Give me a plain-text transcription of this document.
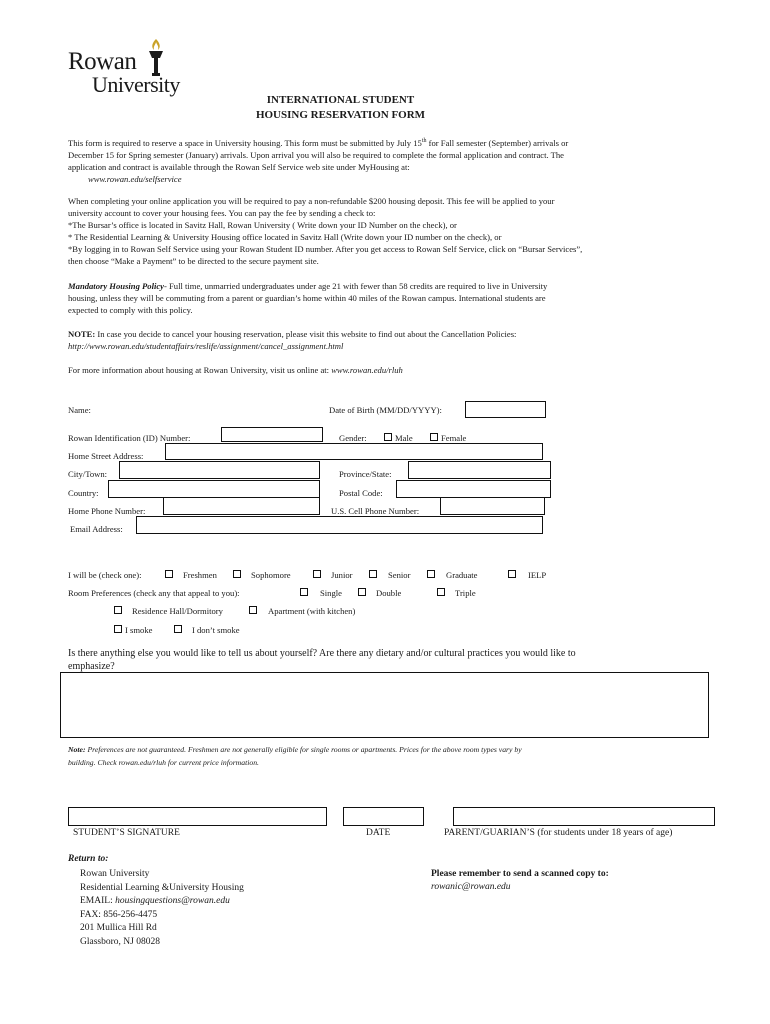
Rowan
University
INTERNATIONAL STUDENT
HOUSING RESERVATION FORM
This form is required to reserve a space in University housing. This form must be submitted by July 15th for Fall semester (September) arrivals or
December 15 for Spring semester (January) arrivals. Upon arrival you will also be required to complete the formal application and contract. The
application and contract is available through the Rowan Self Service web site under MyHousing at:
www.rowan.edu/selfservice
When completing your online application you will be required to pay a non-refundable $200 housing deposit. This fee will be applied to your
university account to cover your housing fees. You can pay the fee by sending a check to:
*The Bursar’s office is located in Savitz Hall, Rowan University ( Write down your ID Number on the check), or
* The Residential Learning & University Housing office located in Savitz Hall (Write down your ID number on the check), or
*By logging in to Rowan Self Service using your Rowan Student ID number. After you get access to Rowan Self Service, click on “Bursar Services”,
then choose “Make a Payment” to be directed to the secure payment site.
Mandatory Housing Policy- Full time, unmarried undergraduates under age 21 with fewer than 58 credits are required to live in University
housing, unless they will be commuting from a parent or guardian’s home within 40 miles of the Rowan campus. International students are
expected to comply with this policy.
NOTE: In case you decide to cancel your housing reservation, please visit this website to find out about the Cancellation Policies:
http://www.rowan.edu/studentaffairs/reslife/assignment/cancel_assignment.html
For more information about housing at Rowan University, visit us online at: www.rowan.edu/rluh
Name:	Date of Birth (MM/DD/YYYY):
Rowan Identification (ID) Number:	Gender:	Male	Female
Home Street Address:
City/Town:	Province/State:
Country:	Postal Code:
Home Phone Number:	U.S. Cell Phone Number:
Email Address:
I will be (check one):	Freshmen	Sophomore	Junior	Senior	Graduate	IELP
Room Preferences (check any that appeal to you):	Single	Double	Triple
Residence Hall/Dormitory	Apartment (with kitchen)
I smoke	I don’t smoke
Is there anything else you would like to tell us about yourself? Are there any dietary and/or cultural practices you would like to
emphasize?
Note: Preferences are not guaranteed. Freshmen are not generally eligible for single rooms or apartments. Prices for the above room types vary by
building. Check rowan.edu/rluh for current price information.
STUDENT’S SIGNATURE	DATE	PARENT/GUARIAN’S (for students under 18 years of age)
Return to:
Rowan University
Residential Learning &University Housing
EMAIL: housingquestions@rowan.edu
FAX: 856-256-4475
201 Mullica Hill Rd
Glassboro, NJ 08028
Please remember to send a scanned copy to:
rowanic@rowan.edu
